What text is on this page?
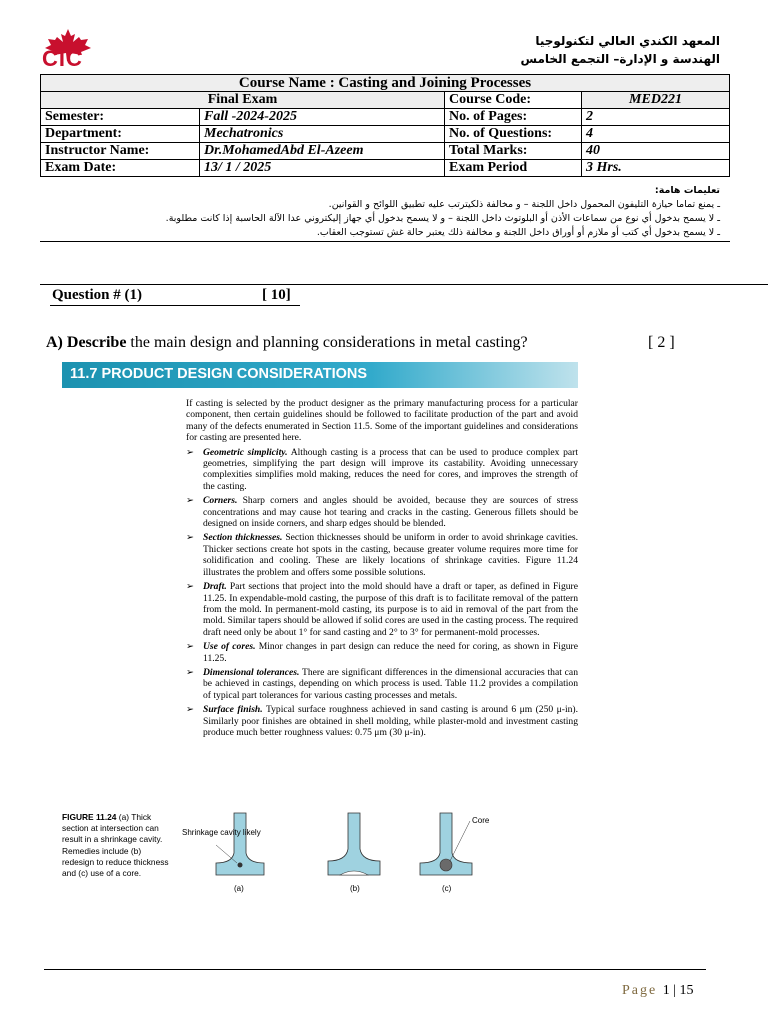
CIC
المعهد الكندي العالي لتكنولوجيا
الهندسة و الإدارة– التجمع الخامس
Course Name : Casting and Joining Processes			
Final Exam		Course Code:	MED221
Semester:	Fall -2024-2025	No. of Pages:	2
Department:	Mechatronics	No. of Questions:	4
Instructor Name:	Dr.MohamedAbd El-Azeem	Total Marks:	40
Exam Date:	13/ 1 / 2025	Exam Period	3 Hrs.
تعليمات هامة:
ـ يمنع تماما حيازة التليفون المحمول داخل اللجنة – و مخالفة ذلكيترتب عليه تطبيق اللوائح و القوانين.
ـ لا يسمح بدخول أي نوع من سماعات الأذن أو البلوتوث داخل اللجنة – و لا يسمح بدخول أي جهاز إليكتروني عدا الآلة الحاسبة إذا كانت مطلوبة.
ـ لا يسمح بدخول أي كتب أو ملازم أو أوراق داخل اللجنة و مخالفة ذلك يعتبر حالة غش تستوجب العقاب.
Question # (1)	[ 10]
A) Describe the main design and planning considerations in metal casting?	[ 2 ]
11.7 PRODUCT DESIGN CONSIDERATIONS

If casting is selected by the product designer as the primary manufacturing process for a particular component, then certain guidelines should be followed to facilitate production of the part and avoid many of the defects enumerated in Section 11.5. Some of the important guidelines and considerations for casting are presented here.

➢ Geometric simplicity. Although casting is a process that can be used to produce complex part geometries, simplifying the part design will improve its castability. Avoiding unnecessary complexities simplifies mold making, reduces the need for cores, and improves the strength of the casting.
➢ Corners. Sharp corners and angles should be avoided, because they are sources of stress concentrations and may cause hot tearing and cracks in the casting. Generous fillets should be designed on inside corners, and sharp edges should be blended.
➢ Section thicknesses. Section thicknesses should be uniform in order to avoid shrinkage cavities. Thicker sections create hot spots in the casting, because greater volume requires more time for solidification and cooling. These are likely locations of shrinkage cavities. Figure 11.24 illustrates the problem and offers some possible solutions.
➢ Draft. Part sections that project into the mold should have a draft or taper, as defined in Figure 11.25. In expendable-mold casting, the purpose of this draft is to facilitate removal of the pattern from the mold. In permanent-mold casting, its purpose is to aid in removal of the part from the mold. Similar tapers should be allowed if solid cores are used in the casting process. The required draft need only be about 1° for sand casting and 2° to 3° for permanent-mold processes.
➢ Use of cores. Minor changes in part design can reduce the need for coring, as shown in Figure 11.25.
➢ Dimensional tolerances. There are significant differences in the dimensional accuracies that can be achieved in castings, depending on which process is used. Table 11.2 provides a compilation of typical part tolerances for various casting processes and metals.
➢ Surface finish. Typical surface roughness achieved in sand casting is around 6 μm (250 μ-in). Similarly poor finishes are obtained in shell molding, while plaster-mold and investment casting produce much better roughness values: 0.75 μm (30 μ-in).
FIGURE 11.24 (a) Thick section at intersection can result in a shrinkage cavity. Remedies include (b) redesign to reduce thickness and (c) use of a core.
Shrinkage cavity likely
(a)	(b)
Core
(c)
Page 1 | 15
